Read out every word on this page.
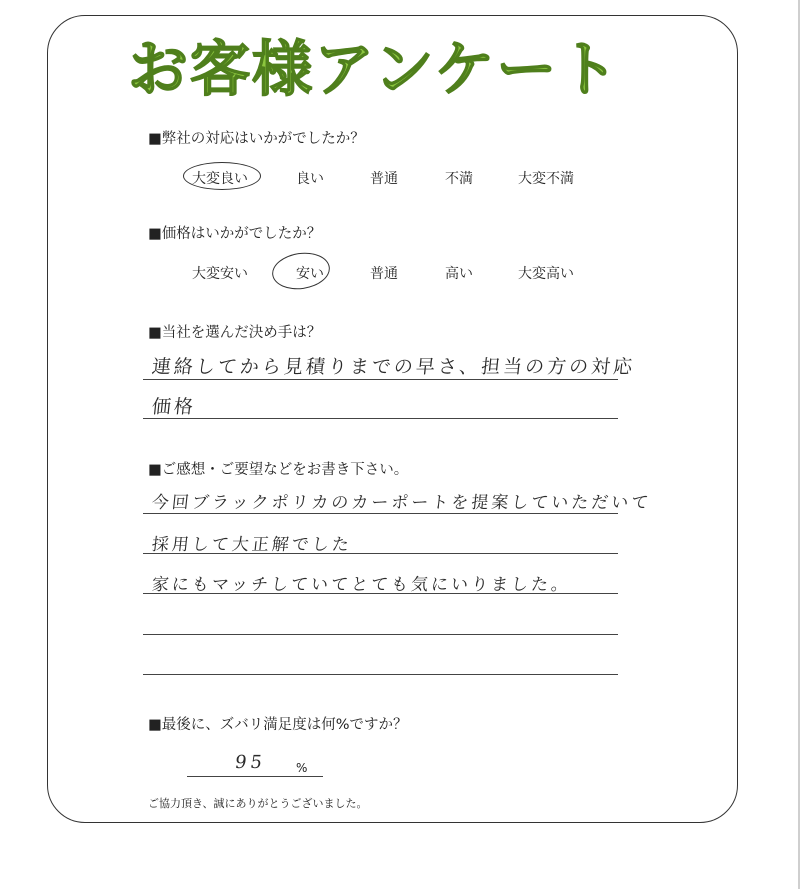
お客様アンケート
■弊社の対応はいかがでしたか？
大変良い	良い	普通	不満	大変不満
■価格はいかがでしたか？
大変安い	安い	普通	高い	大変高い
■当社を選んだ決め手は？
連絡してから見積りまでの早さ、担当の方の対応
価格
■ご感想・ご要望などをお書き下さい。
今回ブラックポリカのカーポートを提案していただいて
採用して大正解でした
家にもマッチしていてとても気にいりました。
■最後に、ズバリ満足度は何%ですか？
95 %
ご協力頂き、誠にありがとうございました。
